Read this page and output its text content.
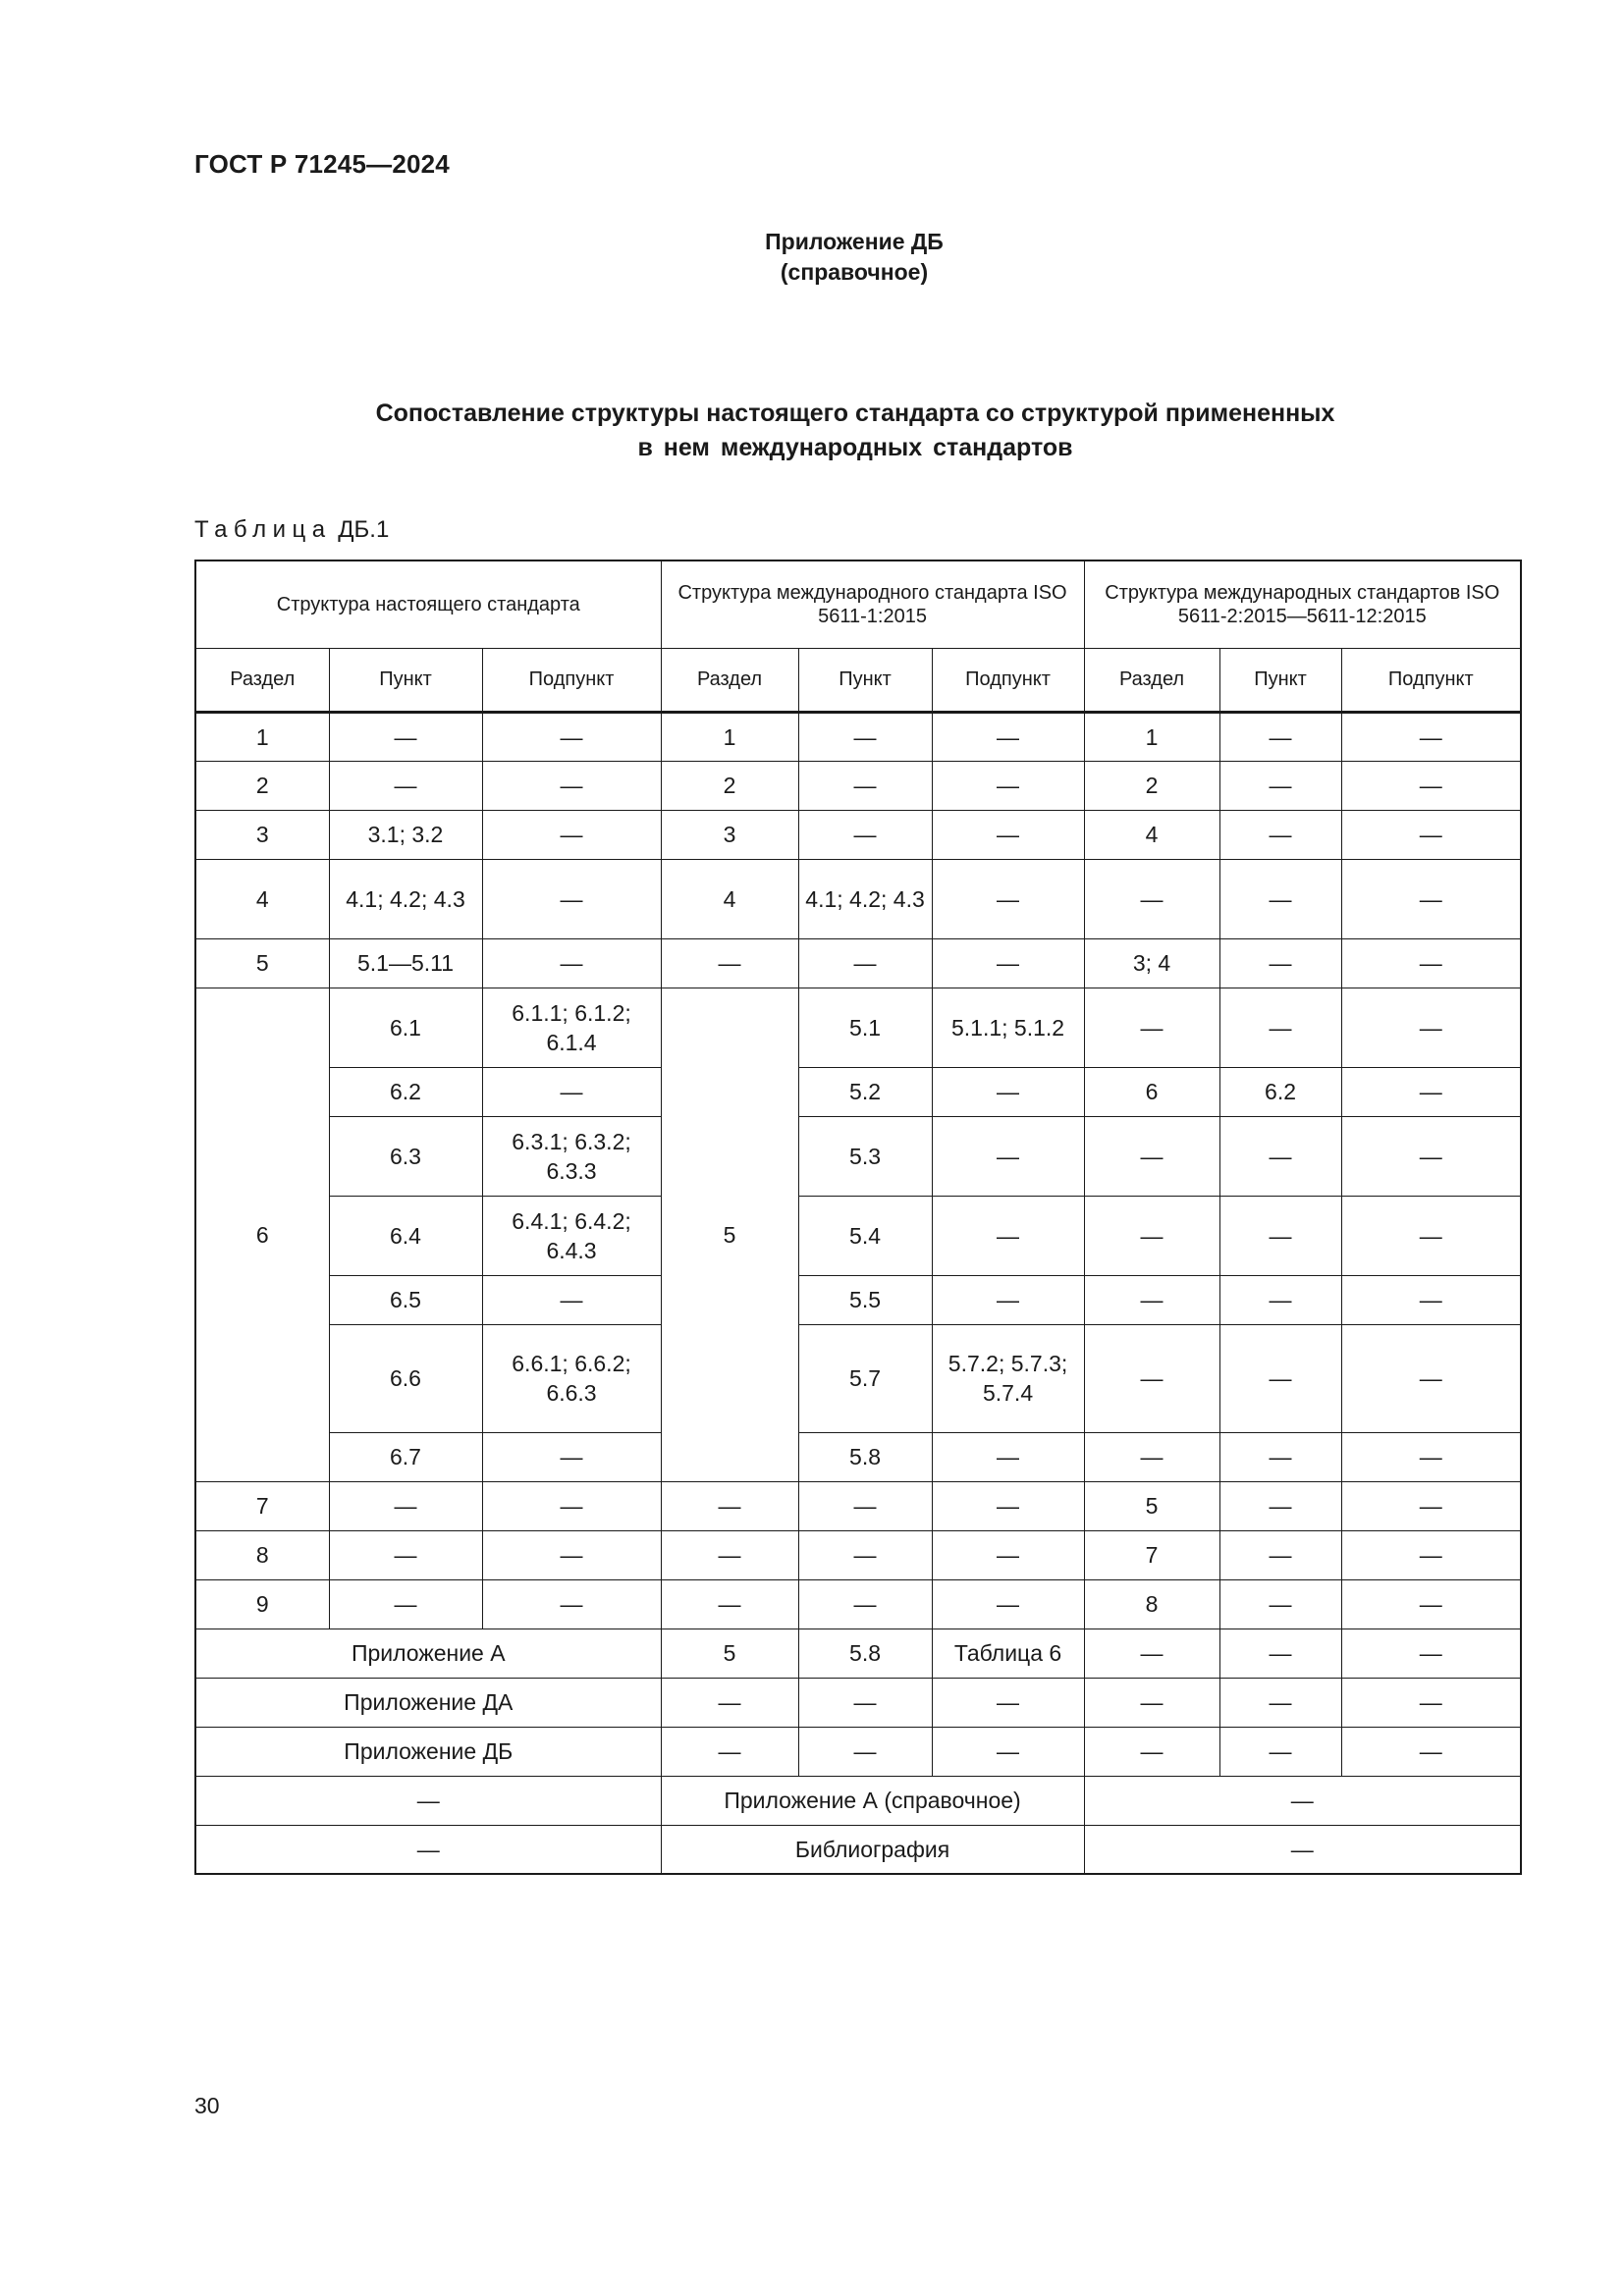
ГОСТ Р 71245—2024
Приложение ДБ
(справочное)
Сопоставление структуры настоящего стандарта со структурой примененных
в нем международных стандартов
Таблица ДБ.1
Структура настоящего стандарта			Структура международного стандарта ISO 5611-1:2015			Структура международных стандартов ISO 5611-2:2015—5611-12:2015		
Раздел	Пункт	Подпункт	Раздел	Пункт	Подпункт	Раздел	Пункт	Подпункт
1	—	—	1	—	—	1	—	—
2	—	—	2	—	—	2	—	—
3	3.1; 3.2	—	3	—	—	4	—	—
4	4.1; 4.2; 4.3	—	4	4.1; 4.2; 4.3	—	—	—	—
5	5.1—5.11	—	—	—	—	3; 4	—	—
6	6.1	6.1.1; 6.1.2; 6.1.4	5	5.1	5.1.1; 5.1.2	—	—	—
	6.2	—		5.2	—	6	6.2	—
	6.3	6.3.1; 6.3.2; 6.3.3		5.3	—	—	—	—
	6.4	6.4.1; 6.4.2; 6.4.3		5.4	—	—	—	—
	6.5	—		5.5	—	—	—	—
	6.6	6.6.1; 6.6.2; 6.6.3		5.7	5.7.2; 5.7.3; 5.7.4	—	—	—
	6.7	—		5.8	—	—	—	—
7	—	—	—	—	—	5	—	—
8	—	—	—	—	—	7	—	—
9	—	—	—	—	—	8	—	—
Приложение А			5	5.8	Таблица 6	—	—	—
Приложение ДА			—	—	—	—	—	—
Приложение ДБ			—	—	—	—	—	—
—			Приложение А (справочное)			—		
—			Библиография			—		
30
